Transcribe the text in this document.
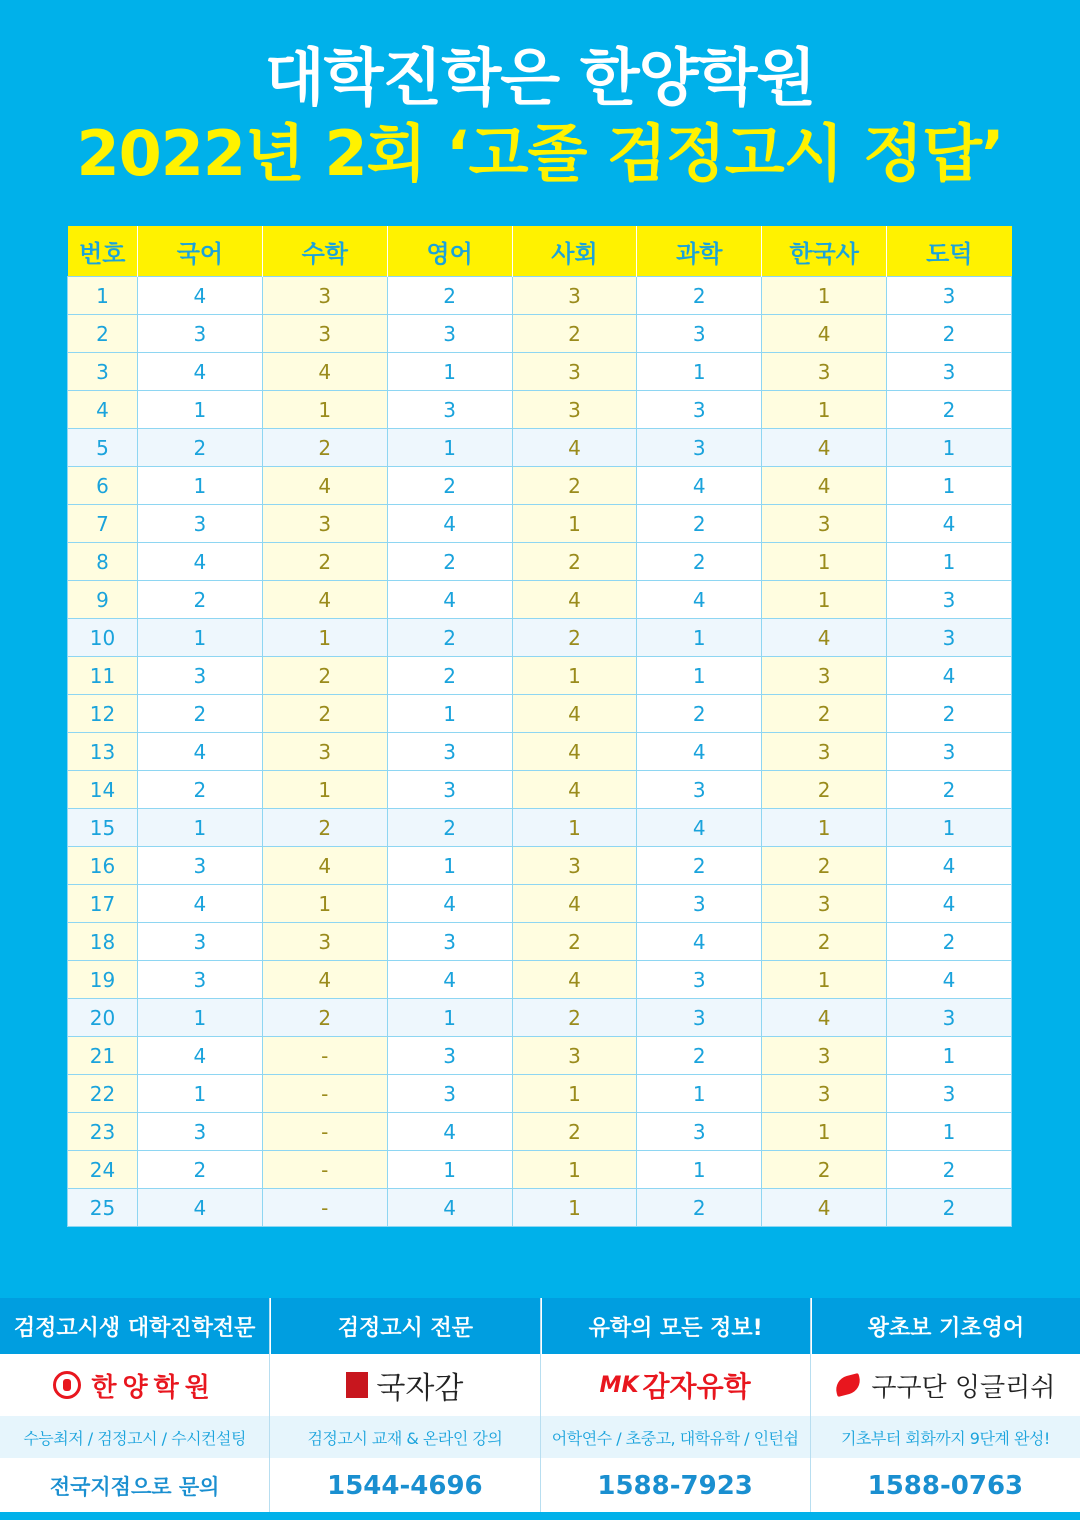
대학진학은 한양학원
2022년 2회 ‘고졸 검정고시 정답’
번호	국어	수학	영어	사회	과학	한국사	도덕
1	4	3	2	3	2	1	3
2	3	3	3	2	3	4	2
3	4	4	1	3	1	3	3
4	1	1	3	3	3	1	2
5	2	2	1	4	3	4	1
6	1	4	2	2	4	4	1
7	3	3	4	1	2	3	4
8	4	2	2	2	2	1	1
9	2	4	4	4	4	1	3
10	1	1	2	2	1	4	3
11	3	2	2	1	1	3	4
12	2	2	1	4	2	2	2
13	4	3	3	4	4	3	3
14	2	1	3	4	3	2	2
15	1	2	2	1	4	1	1
16	3	4	1	3	2	2	4
17	4	1	4	4	3	3	4
18	3	3	3	2	4	2	2
19	3	4	4	4	3	1	4
20	1	2	1	2	3	4	3
21	4	-	3	3	2	3	1
22	1	-	3	1	1	3	3
23	3	-	4	2	3	1	1
24	2	-	1	1	1	2	2
25	4	-	4	1	2	4	2
검정고시생 대학진학전문
한양학원
수능최저 / 검정고시 / 수시컨설팅
전국지점으로 문의
검정고시 전문
국자감
검정고시 교재 & 온라인 강의
1544-4696
유학의 모든 정보!
MK 감자유학
어학연수 / 초중고, 대학유학 / 인턴쉽
1588-7923
왕초보 기초영어
구구단 잉글리쉬
기초부터 회화까지 9단계 완성!
1588-0763
